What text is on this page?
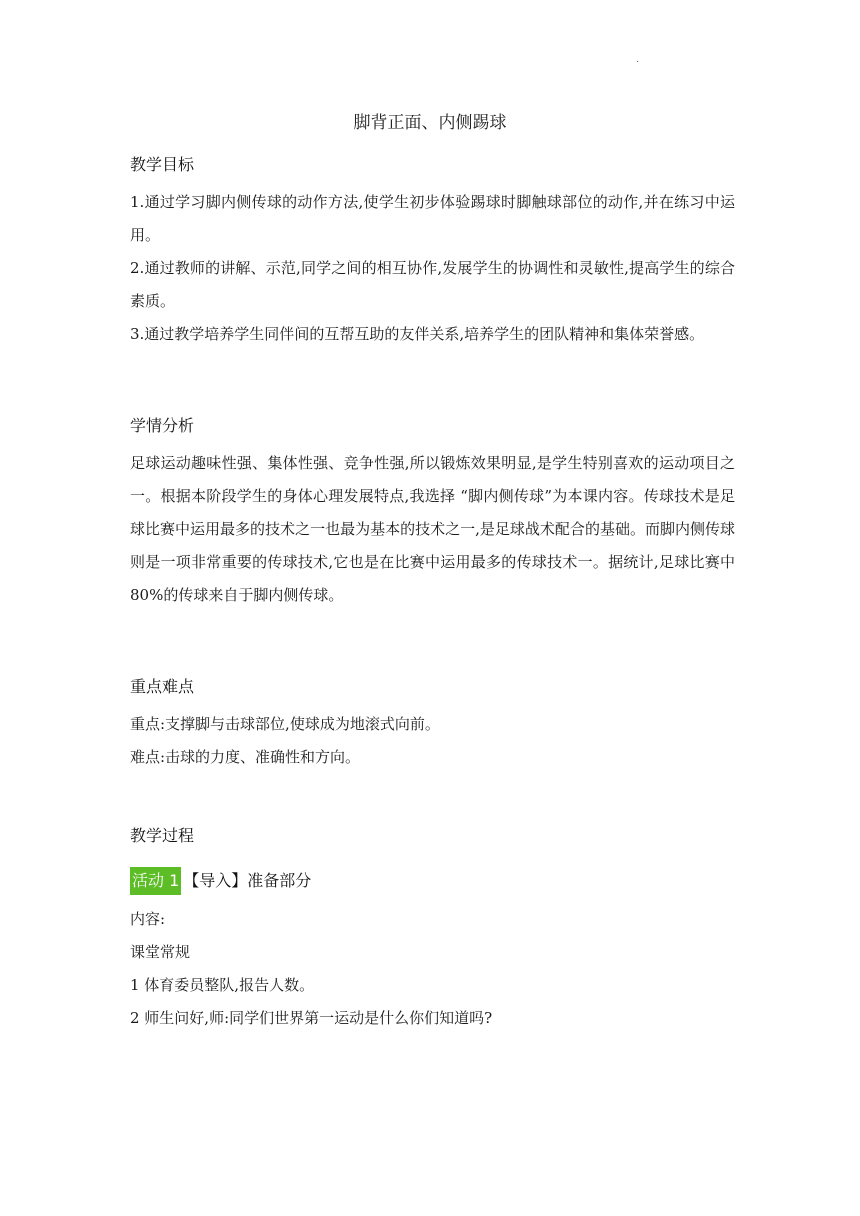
·
脚背正面、内侧踢球
教学目标
1.通过学习脚内侧传球的动作方法,使学生初步体验踢球时脚触球部位的动作,并在练习中运用。
2.通过教师的讲解、示范,同学之间的相互协作,发展学生的协调性和灵敏性,提高学生的综合素质。
3.通过教学培养学生同伴间的互帮互助的友伴关系,培养学生的团队精神和集体荣誉感。
学情分析
足球运动趣味性强、集体性强、竞争性强,所以锻炼效果明显,是学生特别喜欢的运动项目之一。根据本阶段学生的身体心理发展特点,我选择 “脚内侧传球”为本课内容。传球技术是足球比赛中运用最多的技术之一也最为基本的技术之一,是足球战术配合的基础。而脚内侧传球则是一项非常重要的传球技术,它也是在比赛中运用最多的传球技术一。据统计,足球比赛中 80%的传球来自于脚内侧传球。
重点难点
重点:支撑脚与击球部位,使球成为地滚式向前。
难点:击球的力度、准确性和方向。
教学过程
活动 1 【导入】准备部分
内容:
课堂常规
1 体育委员整队,报告人数。
2 师生问好,师:同学们世界第一运动是什么你们知道吗?
